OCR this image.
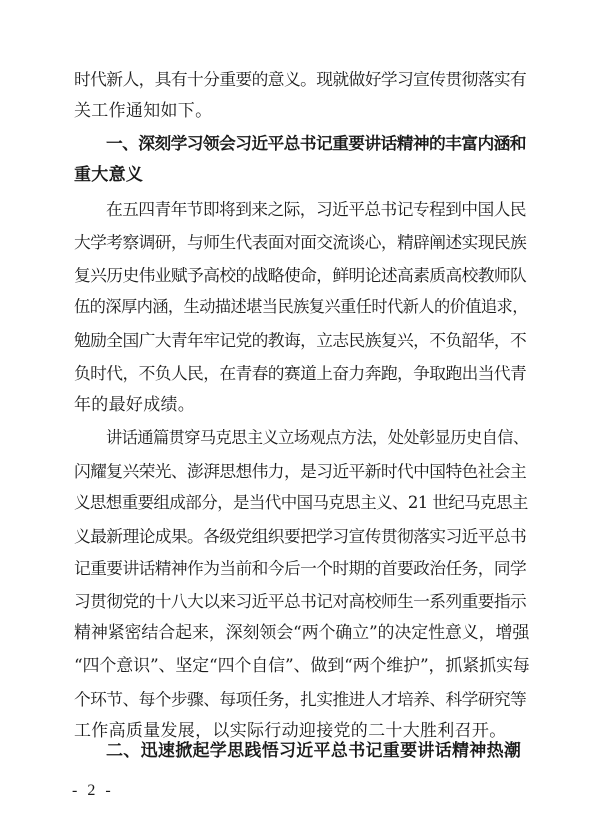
时代新人，具有十分重要的意义。现就做好学习宣传贯彻落实有
关工作通知如下。
一、深刻学习领会习近平总书记重要讲话精神的丰富内涵和
重大意义
在五四青年节即将到来之际，习近平总书记专程到中国人民
大学考察调研，与师生代表面对面交流谈心，精辟阐述实现民族
复兴历史伟业赋予高校的战略使命，鲜明论述高素质高校教师队
伍的深厚内涵，生动描述堪当民族复兴重任时代新人的价值追求，
勉励全国广大青年牢记党的教诲，立志民族复兴，不负韶华，不
负时代，不负人民，在青春的赛道上奋力奔跑，争取跑出当代青
年的最好成绩。
讲话通篇贯穿马克思主义立场观点方法，处处彰显历史自信、
闪耀复兴荣光、澎湃思想伟力，是习近平新时代中国特色社会主
义思想重要组成部分，是当代中国马克思主义、21 世纪马克思主
义最新理论成果。各级党组织要把学习宣传贯彻落实习近平总书
记重要讲话精神作为当前和今后一个时期的首要政治任务，同学
习贯彻党的十八大以来习近平总书记对高校师生一系列重要指示
精神紧密结合起来，深刻领会“两个确立”的决定性意义，增强
“四个意识”、坚定“四个自信”、做到“两个维护”，抓紧抓实每
个环节、每个步骤、每项任务，扎实推进人才培养、科学研究等
工作高质量发展，以实际行动迎接党的二十大胜利召开。
二、迅速掀起学思践悟习近平总书记重要讲话精神热潮
- 2 -
